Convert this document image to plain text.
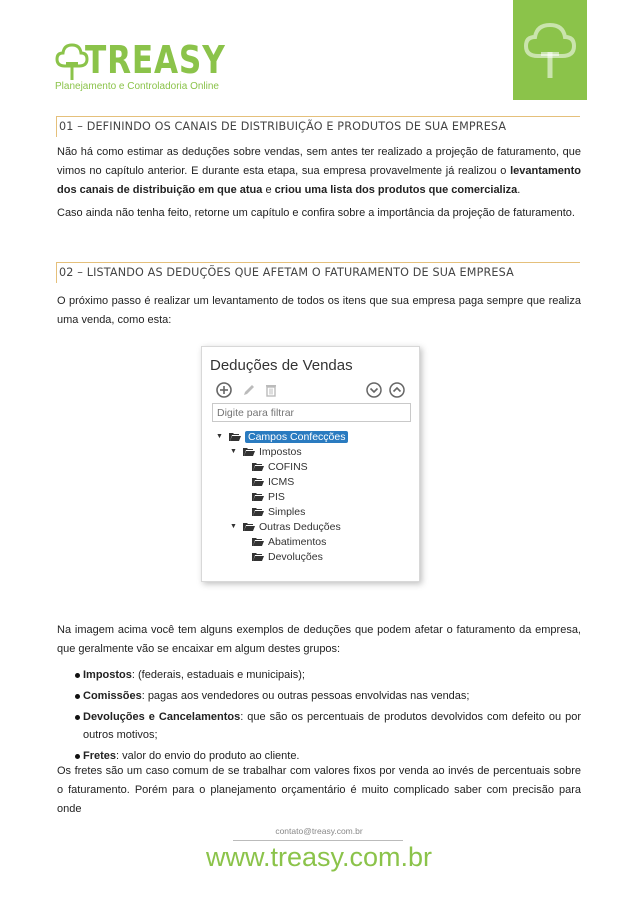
TREASY
Planejamento e Controladoria Online
01 – DEFININDO OS CANAIS DE DISTRIBUIÇÃO E PRODUTOS DE SUA EMPRESA

Não há como estimar as deduções sobre vendas, sem antes ter realizado a projeção de faturamento, que vimos no capítulo anterior. E durante esta etapa, sua empresa provavelmente já realizou o levantamento dos canais de distribuição em que atua e criou uma lista dos produtos que comercializa.

Caso ainda não tenha feito, retorne um capítulo e confira sobre a importância da projeção de faturamento.

02 – LISTANDO AS DEDUÇÕES QUE AFETAM O FATURAMENTO DE SUA EMPRESA

O próximo passo é realizar um levantamento de todos os itens que sua empresa paga sempre que realiza uma venda, como esta:

Deduções de Vendas
Digite para filtrar
▼ Campos Confecções
▼ Impostos
COFINS
ICMS
PIS
Simples
▼ Outras Deduções
Abatimentos
Devoluções

Na imagem acima você tem alguns exemplos de deduções que podem afetar o faturamento da empresa, que geralmente vão se encaixar em algum destes grupos:

Impostos: (federais, estaduais e municipais);
Comissões: pagas aos vendedores ou outras pessoas envolvidas nas vendas;
Devoluções e Cancelamentos: que são os percentuais de produtos devolvidos com defeito ou por outros motivos;
Fretes: valor do envio do produto ao cliente.

Os fretes são um caso comum de se trabalhar com valores fixos por venda ao invés de percentuais sobre o faturamento. Porém para o planejamento orçamentário é muito complicado saber com precisão para onde

contato@treasy.com.br
www.treasy.com.br
